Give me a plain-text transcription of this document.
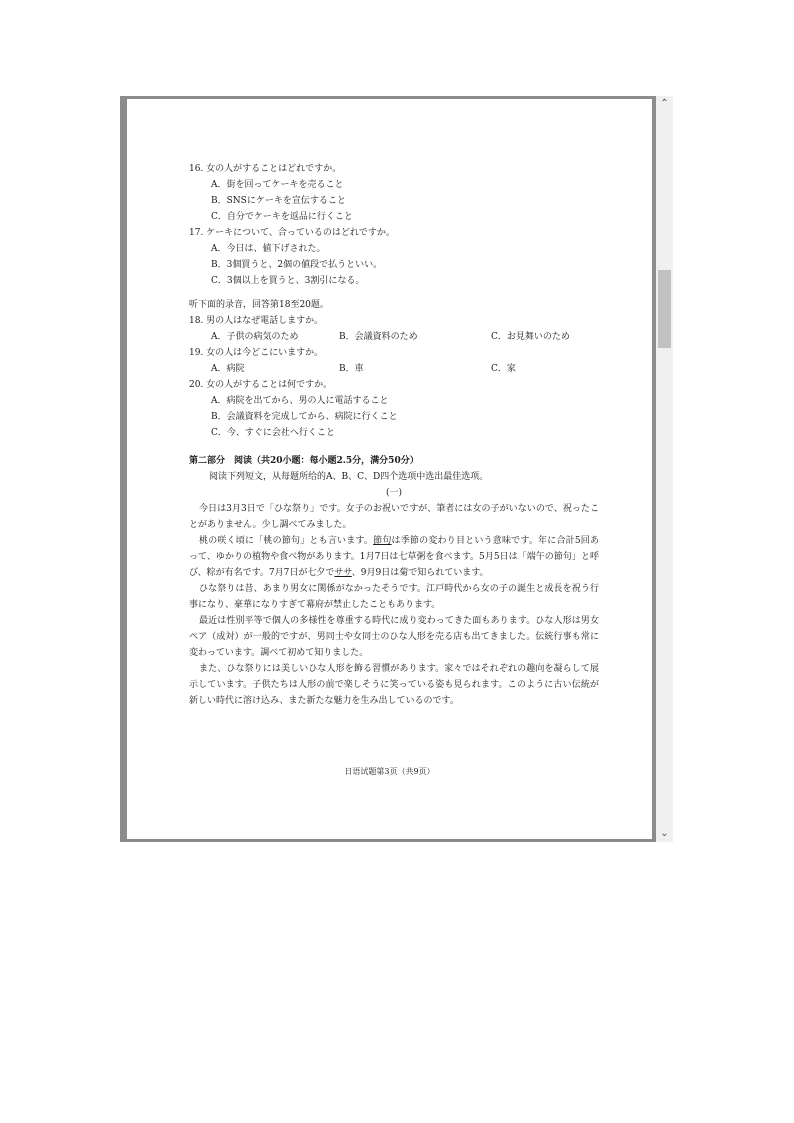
16. 女の人がすることはどれですか。
A．街を回ってケーキを売ること
B．SNSにケーキを宣伝すること
C．自分でケーキを返品に行くこと
17. ケーキについて、合っているのはどれですか。
A．今日は、値下げされた。
B．3個買うと、2個の値段で払うといい。
C．3個以上を買うと、3割引になる。
听下面的录音，回答第18至20题。
18. 男の人はなぜ電話しますか。
A．子供の病気のため	B．会議資料のため	C．お見舞いのため
19. 女の人は今どこにいますか。
A．病院	B．車	C．家
20. 女の人がすることは何ですか。
A．病院を出てから、男の人に電話すること
B．会議資料を完成してから、病院に行くこと
C．今、すぐに会社へ行くこと
第二部分　阅读（共20小题：每小题2.5分，满分50分）
阅读下列短文，从每题所给的A、B、C、D四个选项中选出最佳选项。
(一)
今日は3月3日で「ひな祭り」です。女子のお祝いですが、筆者には女の子がいないので、祝ったことがありません。少し調べてみました。
桃の咲く頃に「桃の節句」とも言います。節句は季節の変わり目という意味です。年に合計5回あって、ゆかりの植物や食べ物があります。1月7日は七草粥を食べます。5月5日は「端午の節句」と呼び、粽が有名です。7月7日が七夕でササ、9月9日は菊で知られています。
ひな祭りは昔、あまり男女に関係がなかったそうです。江戸時代から女の子の誕生と成長を祝う行事になり、豪華になりすぎて幕府が禁止したこともあります。
最近は性別平等で個人の多様性を尊重する時代に成り変わってきた面もあります。ひな人形は男女ペア（成対）が一般的ですが、男同士や女同士のひな人形を売る店も出てきました。伝統行事も常に変わっています。調べて初めて知りました。
また、ひな祭りには美しいひな人形を飾る習慣があります。家々ではそれぞれの趣向を凝らして展示しています。子供たちは人形の前で楽しそうに笑っている姿も見られます。このように古い伝統が新しい時代に溶け込み、また新たな魅力を生み出しているのです。
日语试题第3页（共9页）
⌃
⌄
